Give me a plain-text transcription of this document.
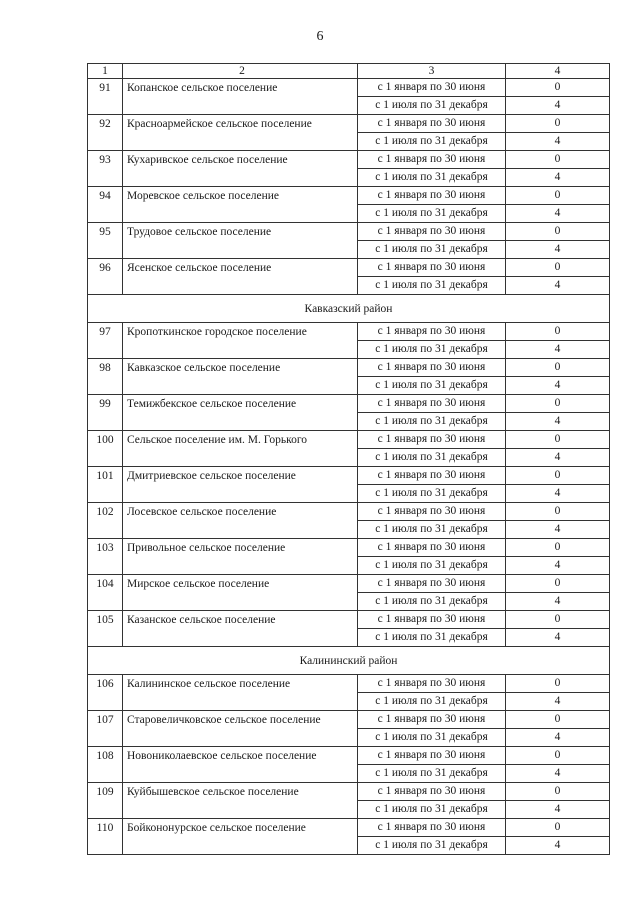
6
1	2	3	4
91	Копанское сельское поселение	с 1 января по 30 июня	0
		с 1 июля по 31 декабря	4
92	Красноармейское сельское поселение	с 1 января по 30 июня	0
		с 1 июля по 31 декабря	4
93	Кухаривское сельское поселение	с 1 января по 30 июня	0
		с 1 июля по 31 декабря	4
94	Моревское сельское поселение	с 1 января по 30 июня	0
		с 1 июля по 31 декабря	4
95	Трудовое сельское поселение	с 1 января по 30 июня	0
		с 1 июля по 31 декабря	4
96	Ясенское сельское поселение	с 1 января по 30 июня	0
		с 1 июля по 31 декабря	4
Кавказский район			
97	Кропоткинское городское поселение	с 1 января по 30 июня	0
		с 1 июля по 31 декабря	4
98	Кавказское сельское поселение	с 1 января по 30 июня	0
		с 1 июля по 31 декабря	4
99	Темижбекское сельское поселение	с 1 января по 30 июня	0
		с 1 июля по 31 декабря	4
100	Сельское поселение им. М. Горького	с 1 января по 30 июня	0
		с 1 июля по 31 декабря	4
101	Дмитриевское сельское поселение	с 1 января по 30 июня	0
		с 1 июля по 31 декабря	4
102	Лосевское сельское поселение	с 1 января по 30 июня	0
		с 1 июля по 31 декабря	4
103	Привольное сельское поселение	с 1 января по 30 июня	0
		с 1 июля по 31 декабря	4
104	Мирское сельское поселение	с 1 января по 30 июня	0
		с 1 июля по 31 декабря	4
105	Казанское сельское поселение	с 1 января по 30 июня	0
		с 1 июля по 31 декабря	4
Калининский район			
106	Калининское сельское поселение	с 1 января по 30 июня	0
		с 1 июля по 31 декабря	4
107	Старовеличковское сельское поселение	с 1 января по 30 июня	0
		с 1 июля по 31 декабря	4
108	Новониколаевское сельское поселение	с 1 января по 30 июня	0
		с 1 июля по 31 декабря	4
109	Куйбышевское сельское поселение	с 1 января по 30 июня	0
		с 1 июля по 31 декабря	4
110	Бойкононурское сельское поселение	с 1 января по 30 июня	0
		с 1 июля по 31 декабря	4
